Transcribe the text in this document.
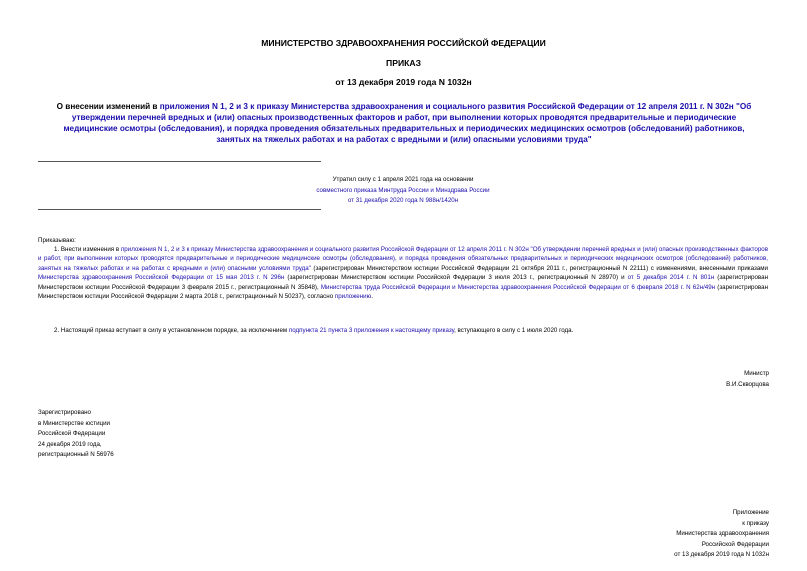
МИНИСТЕРСТВО ЗДРАВООХРАНЕНИЯ РОССИЙСКОЙ ФЕДЕРАЦИИ
ПРИКАЗ
от 13 декабря 2019 года N 1032н
О внесении изменений в приложения N 1, 2 и 3 к приказу Министерства здравоохранения и социального развития Российской Федерации от 12 апреля 2011 г. N 302н "Об утверждении перечней вредных и (или) опасных производственных факторов и работ, при выполнении которых проводятся предварительные и периодические медицинские осмотры (обследования), и порядка проведения обязательных предварительных и периодических медицинских осмотров (обследований) работников, занятых на тяжелых работах и на работах с вредными и (или) опасными условиями труда"

Утратил силу с 1 апреля 2021 года на основании

совместного приказа Минтруда России и Минздрава России

от 31 декабря 2020 года N 988н/1420н

Приказываю:
1. Внести изменения в приложения N 1, 2 и 3 к приказу Министерства здравоохранения и социального развития Российской Федерации от 12 апреля 2011 г. N 302н "Об утверждении перечней вредных и (или) опасных производственных факторов и работ, при выполнении которых проводятся предварительные и периодические медицинские осмотры (обследования), и порядка проведения обязательных предварительных и периодических медицинских осмотров (обследований) работников, занятых на тяжелых работах и на работах с вредными и (или) опасными условиями труда" (зарегистрирован Министерством юстиции Российской Федерации 21 октября 2011 г., регистрационный N 22111) с изменениями, внесенными приказами Министерства здравоохранения Российской Федерации от 15 мая 2013 г. N 296н (зарегистрирован Министерством юстиции Российской Федерации 3 июля 2013 г., регистрационный N 28970) и от 5 декабря 2014 г. N 801н (зарегистрирован Министерством юстиции Российской Федерации 3 февраля 2015 г., регистрационный N 35848), Министерства труда Российской Федерации и Министерства здравоохранения Российской Федерации от 6 февраля 2018 г. N 62н/49н (зарегистрирован Министерством юстиции Российской Федерации 2 марта 2018 г., регистрационный N 50237), согласно приложению.
2. Настоящий приказ вступает в силу в установленном порядке, за исключением подпункта 21 пункта 3 приложения к настоящему приказу, вступающего в силу с 1 июля 2020 года.

Министр

В.И.Скворцова

Зарегистрировано

в Министерстве юстиции

Российской Федерации

24 декабря 2019 года,

регистрационный N 56976

Приложение

к приказу

Министерства здравоохранения

Российской Федерации

от 13 декабря 2019 года N 1032н
